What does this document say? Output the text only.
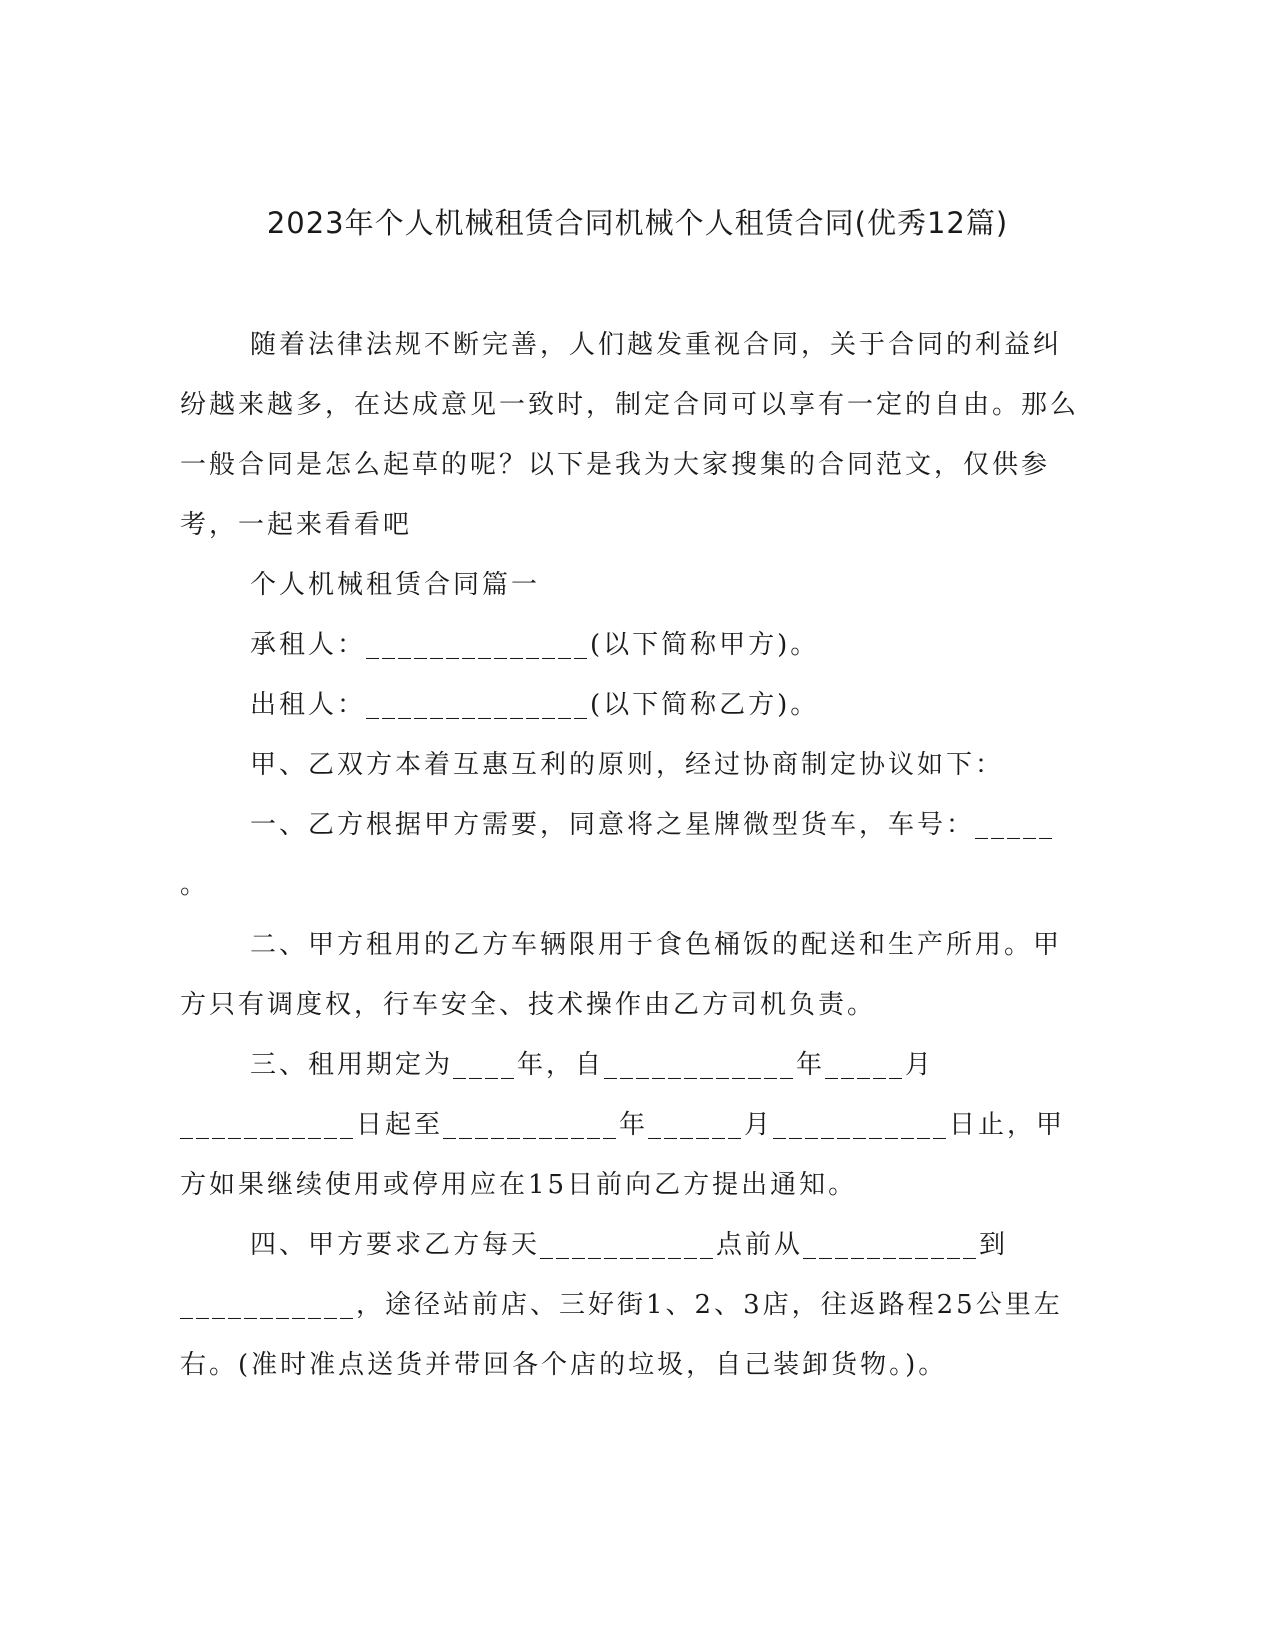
2023年个人机械租赁合同机械个人租赁合同(优秀12篇)

随着法律法规不断完善，人们越发重视合同，关于合同的利益纠纷越来越多，在达成意见一致时，制定合同可以享有一定的自由。那么一般合同是怎么起草的呢？以下是我为大家搜集的合同范文，仅供参考，一起来看看吧

个人机械租赁合同篇一

承租人：______________(以下简称甲方)。

出租人：______________(以下简称乙方)。

甲、乙双方本着互惠互利的原则，经过协商制定协议如下：

一、乙方根据甲方需要，同意将之星牌微型货车，车号：_____

。

二、甲方租用的乙方车辆限用于食色桶饭的配送和生产所用。甲方只有调度权，行车安全、技术操作由乙方司机负责。

三、租用期定为____年，自____________年_____月___________日起至___________年______月___________日止，甲方如果继续使用或停用应在15日前向乙方提出通知。

四、甲方要求乙方每天___________点前从___________到___________，途径站前店、三好街1、2、3店，往返路程25公里左右。(准时准点送货并带回各个店的垃圾，自己装卸货物。)。
